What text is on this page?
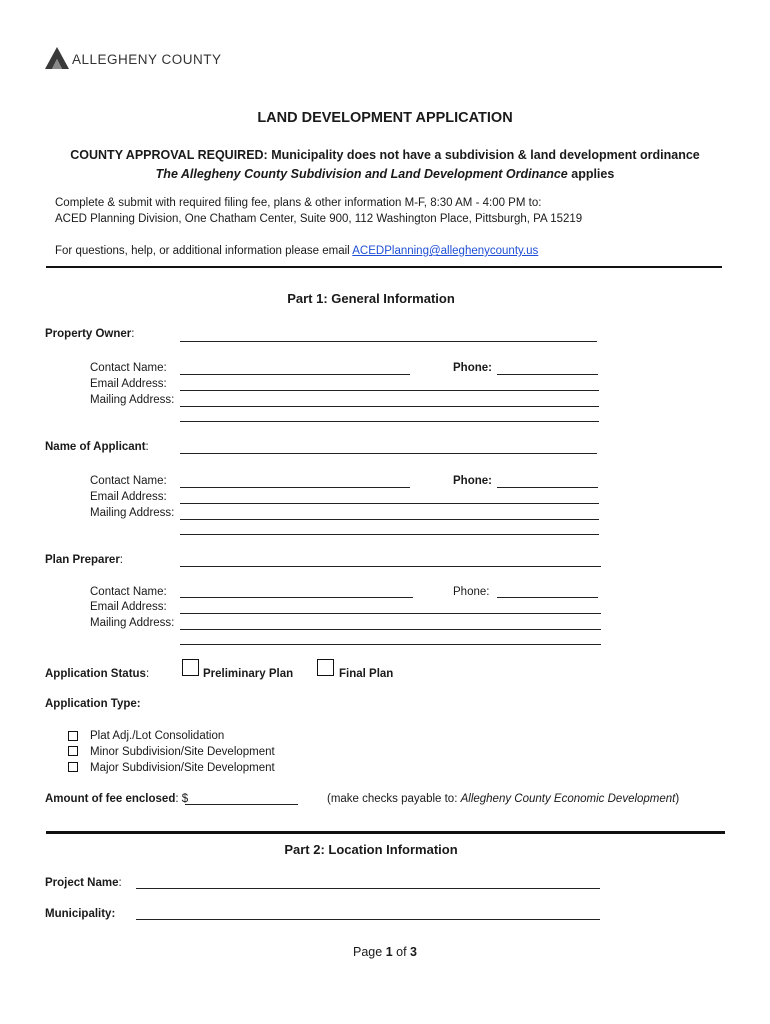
ALLEGHENY COUNTY
LAND DEVELOPMENT APPLICATION
COUNTY APPROVAL REQUIRED: Municipality does not have a subdivision & land development ordinance
The Allegheny County Subdivision and Land Development Ordinance applies
Complete & submit with required filing fee, plans & other information M-F, 8:30 AM - 4:00 PM to:
ACED Planning Division, One Chatham Center, Suite 900, 112 Washington Place, Pittsburgh, PA 15219
For questions, help, or additional information please email ACEDPlanning@alleghenycounty.us
Part 1: General Information
Property Owner:
Contact Name:	Phone:
Email Address:
Mailing Address:
Name of Applicant:
Contact Name:	Phone:
Email Address:
Mailing Address:
Plan Preparer:
Contact Name:	Phone:
Email Address:
Mailing Address:
Application Status:	Preliminary Plan	Final Plan
Application Type:
Plat Adj./Lot Consolidation
Minor Subdivision/Site Development
Major Subdivision/Site Development
Amount of fee enclosed: $	(make checks payable to: Allegheny County Economic Development)
Part 2: Location Information
Project Name:
Municipality:
Page 1 of 3
